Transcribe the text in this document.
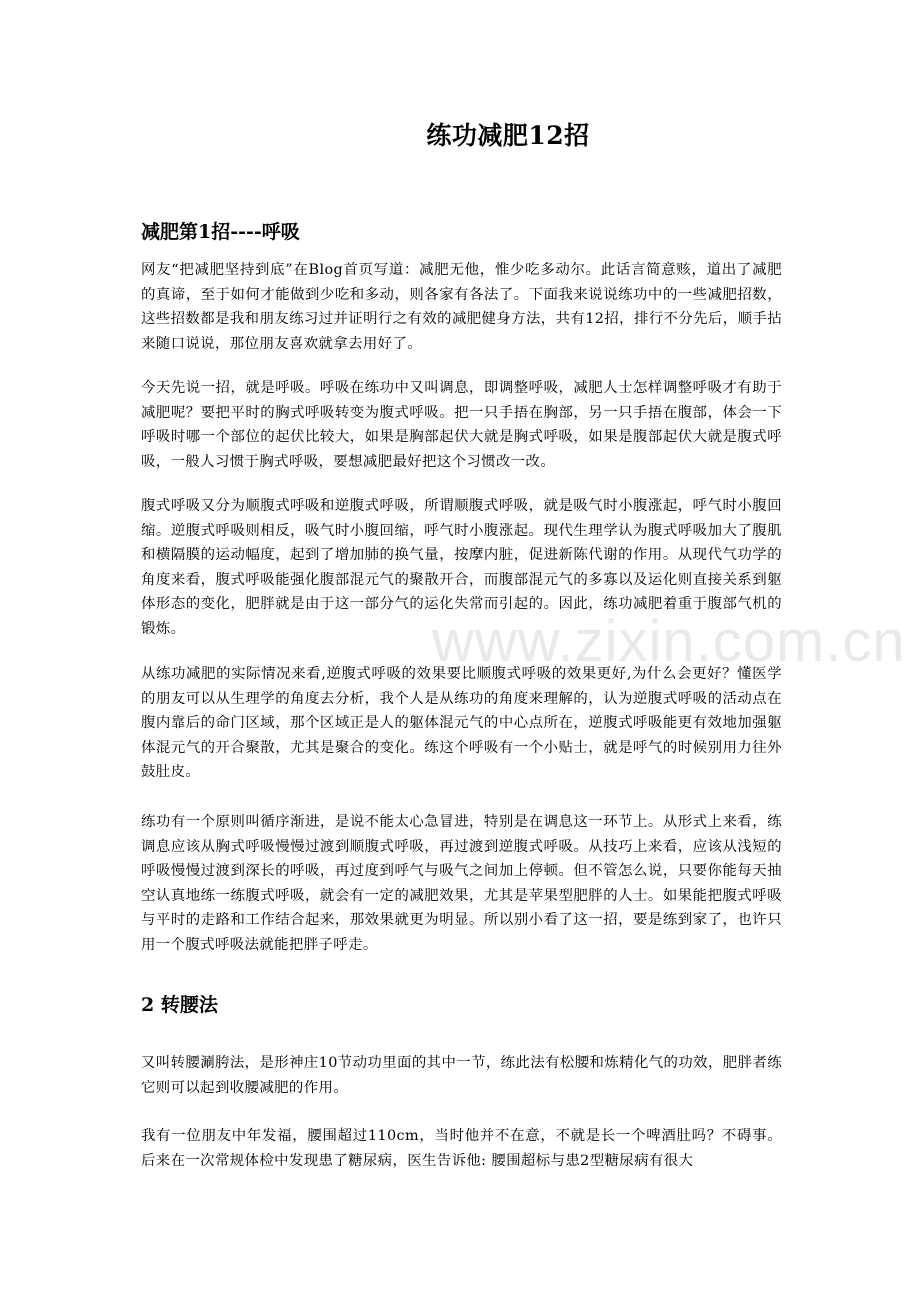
练功减肥12招
减肥第1招----呼吸
网友“把减肥坚持到底”在Blog首页写道：减肥无他，惟少吃多动尔。此话言简意赅，道出了减肥的真谛，至于如何才能做到少吃和多动，则各家有各法了。下面我来说说练功中的一些减肥招数，这些招数都是我和朋友练习过并证明行之有效的减肥健身方法，共有12招，排行不分先后，顺手拈来随口说说，那位朋友喜欢就拿去用好了。
今天先说一招，就是呼吸。呼吸在练功中又叫调息，即调整呼吸，减肥人士怎样调整呼吸才有助于减肥呢？要把平时的胸式呼吸转变为腹式呼吸。把一只手捂在胸部，另一只手捂在腹部，体会一下呼吸时哪一个部位的起伏比较大，如果是胸部起伏大就是胸式呼吸，如果是腹部起伏大就是腹式呼吸，一般人习惯于胸式呼吸，要想减肥最好把这个习惯改一改。
腹式呼吸又分为顺腹式呼吸和逆腹式呼吸，所谓顺腹式呼吸，就是吸气时小腹涨起，呼气时小腹回缩。逆腹式呼吸则相反，吸气时小腹回缩，呼气时小腹涨起。现代生理学认为腹式呼吸加大了腹肌和横隔膜的运动幅度，起到了增加肺的换气量，按摩内脏，促进新陈代谢的作用。从现代气功学的角度来看，腹式呼吸能强化腹部混元气的聚散开合，而腹部混元气的多寡以及运化则直接关系到躯体形态的变化，肥胖就是由于这一部分气的运化失常而引起的。因此，练功减肥着重于腹部气机的锻炼。
从练功减肥的实际情况来看,逆腹式呼吸的效果要比顺腹式呼吸的效果更好,为什么会更好？懂医学的朋友可以从生理学的角度去分析，我个人是从练功的角度来理解的，认为逆腹式呼吸的活动点在腹内靠后的命门区域，那个区域正是人的躯体混元气的中心点所在，逆腹式呼吸能更有效地加强躯体混元气的开合聚散，尤其是聚合的变化。练这个呼吸有一个小贴士，就是呼气的时候别用力往外鼓肚皮。
练功有一个原则叫循序渐进，是说不能太心急冒进，特别是在调息这一环节上。从形式上来看，练调息应该从胸式呼吸慢慢过渡到顺腹式呼吸，再过渡到逆腹式呼吸。从技巧上来看，应该从浅短的呼吸慢慢过渡到深长的呼吸，再过度到呼气与吸气之间加上停顿。但不管怎么说，只要你能每天抽空认真地练一练腹式呼吸，就会有一定的减肥效果，尤其是苹果型肥胖的人士。如果能把腹式呼吸与平时的走路和工作结合起来，那效果就更为明显。所以别小看了这一招，要是练到家了，也许只用一个腹式呼吸法就能把胖子呼走。
2 转腰法
又叫转腰涮胯法，是形神庄10节动功里面的其中一节，练此法有松腰和炼精化气的功效，肥胖者练它则可以起到收腰减肥的作用。
我有一位朋友中年发福，腰围超过110cm，当时他并不在意，不就是长一个啤酒肚吗？不碍事。后来在一次常规体检中发现患了糖尿病，医生告诉他: 腰围超标与患2型糖尿病有很大
www.zixin.com.cn
